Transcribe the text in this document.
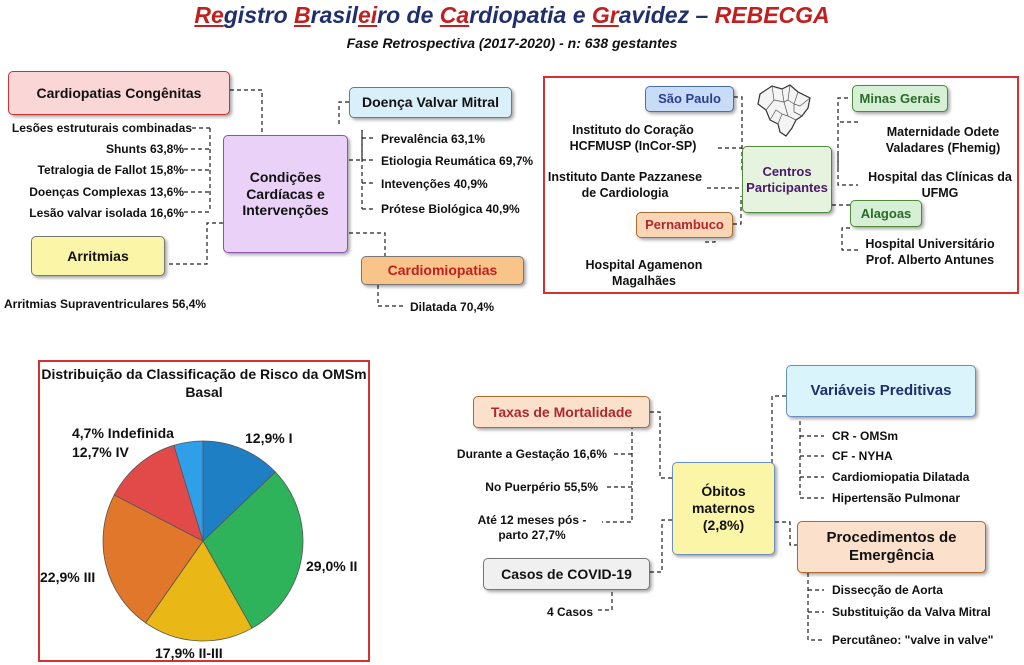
Registro Brasileiro de Cardiopatia e Gravidez – REBECGA
Fase Retrospectiva (2017-2020) - n: 638 gestantes
Cardiopatias Congênitas
Lesões estruturais combinadas
Shunts 63,8%
Tetralogia de Fallot 15,8%
Doenças Complexas 13,6%
Lesão valvar isolada 16,6%
Condições Cardíacas e Intervenções
Arritmias
Arritmias Supraventriculares 56,4%
Doença Valvar Mitral
Prevalência 63,1%
Etiologia Reumática 69,7%
Intevenções 40,9%
Prótese Biológica 40,9%
Cardiomiopatias
Dilatada 70,4%
São Paulo
Instituto do Coração HCFMUSP (InCor-SP)
Instituto Dante Pazzanese de Cardiologia
Centros Participantes
Pernambuco
Hospital Agamenon Magalhães
Minas Gerais
Maternidade Odete Valadares (Fhemig)
Hospital das Clínicas da UFMG
Alagoas
Hospital Universitário Prof. Alberto Antunes
Distribuição da Classificação de Risco da OMSm Basal
12,9% I
29,0% II
17,9% II-III
22,9% III
12,7% IV
4,7% Indefinida
Taxas de Mortalidade
Durante a Gestação 16,6%
No Puerpério 55,5%
Até 12 meses pós - parto 27,7%
Óbitos maternos (2,8%)
Casos de COVID-19
4 Casos
Variáveis Preditivas
CR - OMSm
CF - NYHA
Cardiomiopatia Dilatada
Hipertensão Pulmonar
Procedimentos de Emergência
Dissecção de Aorta
Substituição da Valva Mitral
Percutâneo: "valve in valve"
